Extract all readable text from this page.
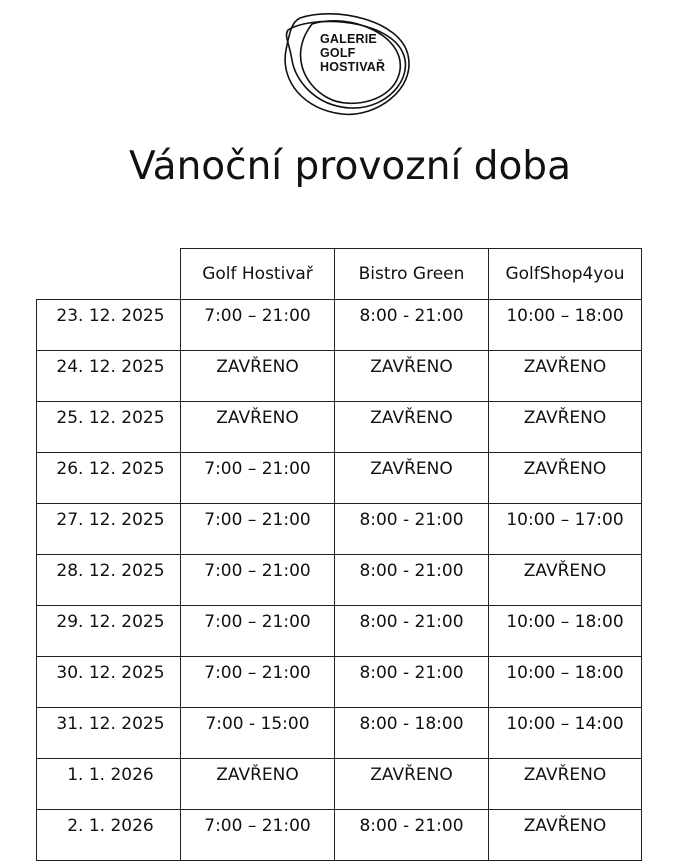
GALERIE
GOLF
HOSTIVAŘ
Vánoční provozní doba
	Golf Hostivař	Bistro Green	GolfShop4you
23. 12. 2025	7:00 – 21:00	8:00 - 21:00	10:00 – 18:00
24. 12. 2025	ZAVŘENO	ZAVŘENO	ZAVŘENO
25. 12. 2025	ZAVŘENO	ZAVŘENO	ZAVŘENO
26. 12. 2025	7:00 – 21:00	ZAVŘENO	ZAVŘENO
27. 12. 2025	7:00 – 21:00	8:00 - 21:00	10:00 – 17:00
28. 12. 2025	7:00 – 21:00	8:00 - 21:00	ZAVŘENO
29. 12. 2025	7:00 – 21:00	8:00 - 21:00	10:00 – 18:00
30. 12. 2025	7:00 – 21:00	8:00 - 21:00	10:00 – 18:00
31. 12. 2025	7:00 - 15:00	8:00 - 18:00	10:00 – 14:00
1. 1. 2026	ZAVŘENO	ZAVŘENO	ZAVŘENO
2. 1. 2026	7:00 – 21:00	8:00 - 21:00	ZAVŘENO
